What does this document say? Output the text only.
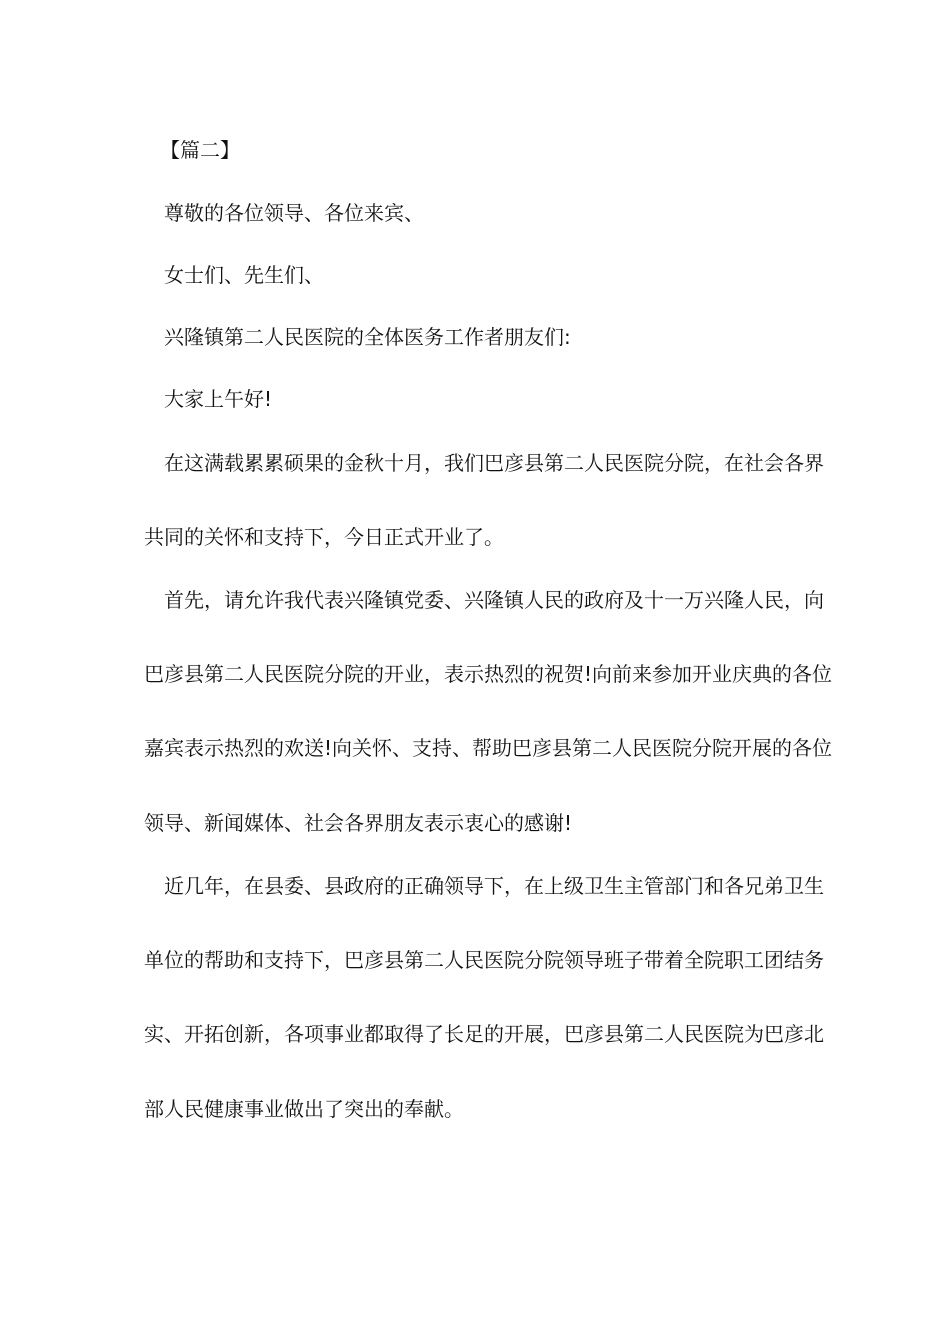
【篇二】
尊敬的各位领导、各位来宾、
女士们、先生们、
兴隆镇第二人民医院的全体医务工作者朋友们:
大家上午好!
在这满载累累硕果的金秋十月，我们巴彦县第二人民医院分院，在社会各界
共同的关怀和支持下，今日正式开业了。
首先，请允许我代表兴隆镇党委、兴隆镇人民的政府及十一万兴隆人民，向
巴彦县第二人民医院分院的开业，表示热烈的祝贺!向前来参加开业庆典的各位
嘉宾表示热烈的欢送!向关怀、支持、帮助巴彦县第二人民医院分院开展的各位
领导、新闻媒体、社会各界朋友表示衷心的感谢!
近几年，在县委、县政府的正确领导下，在上级卫生主管部门和各兄弟卫生
单位的帮助和支持下，巴彦县第二人民医院分院领导班子带着全院职工团结务
实、开拓创新，各项事业都取得了长足的开展，巴彦县第二人民医院为巴彦北
部人民健康事业做出了突出的奉献。
